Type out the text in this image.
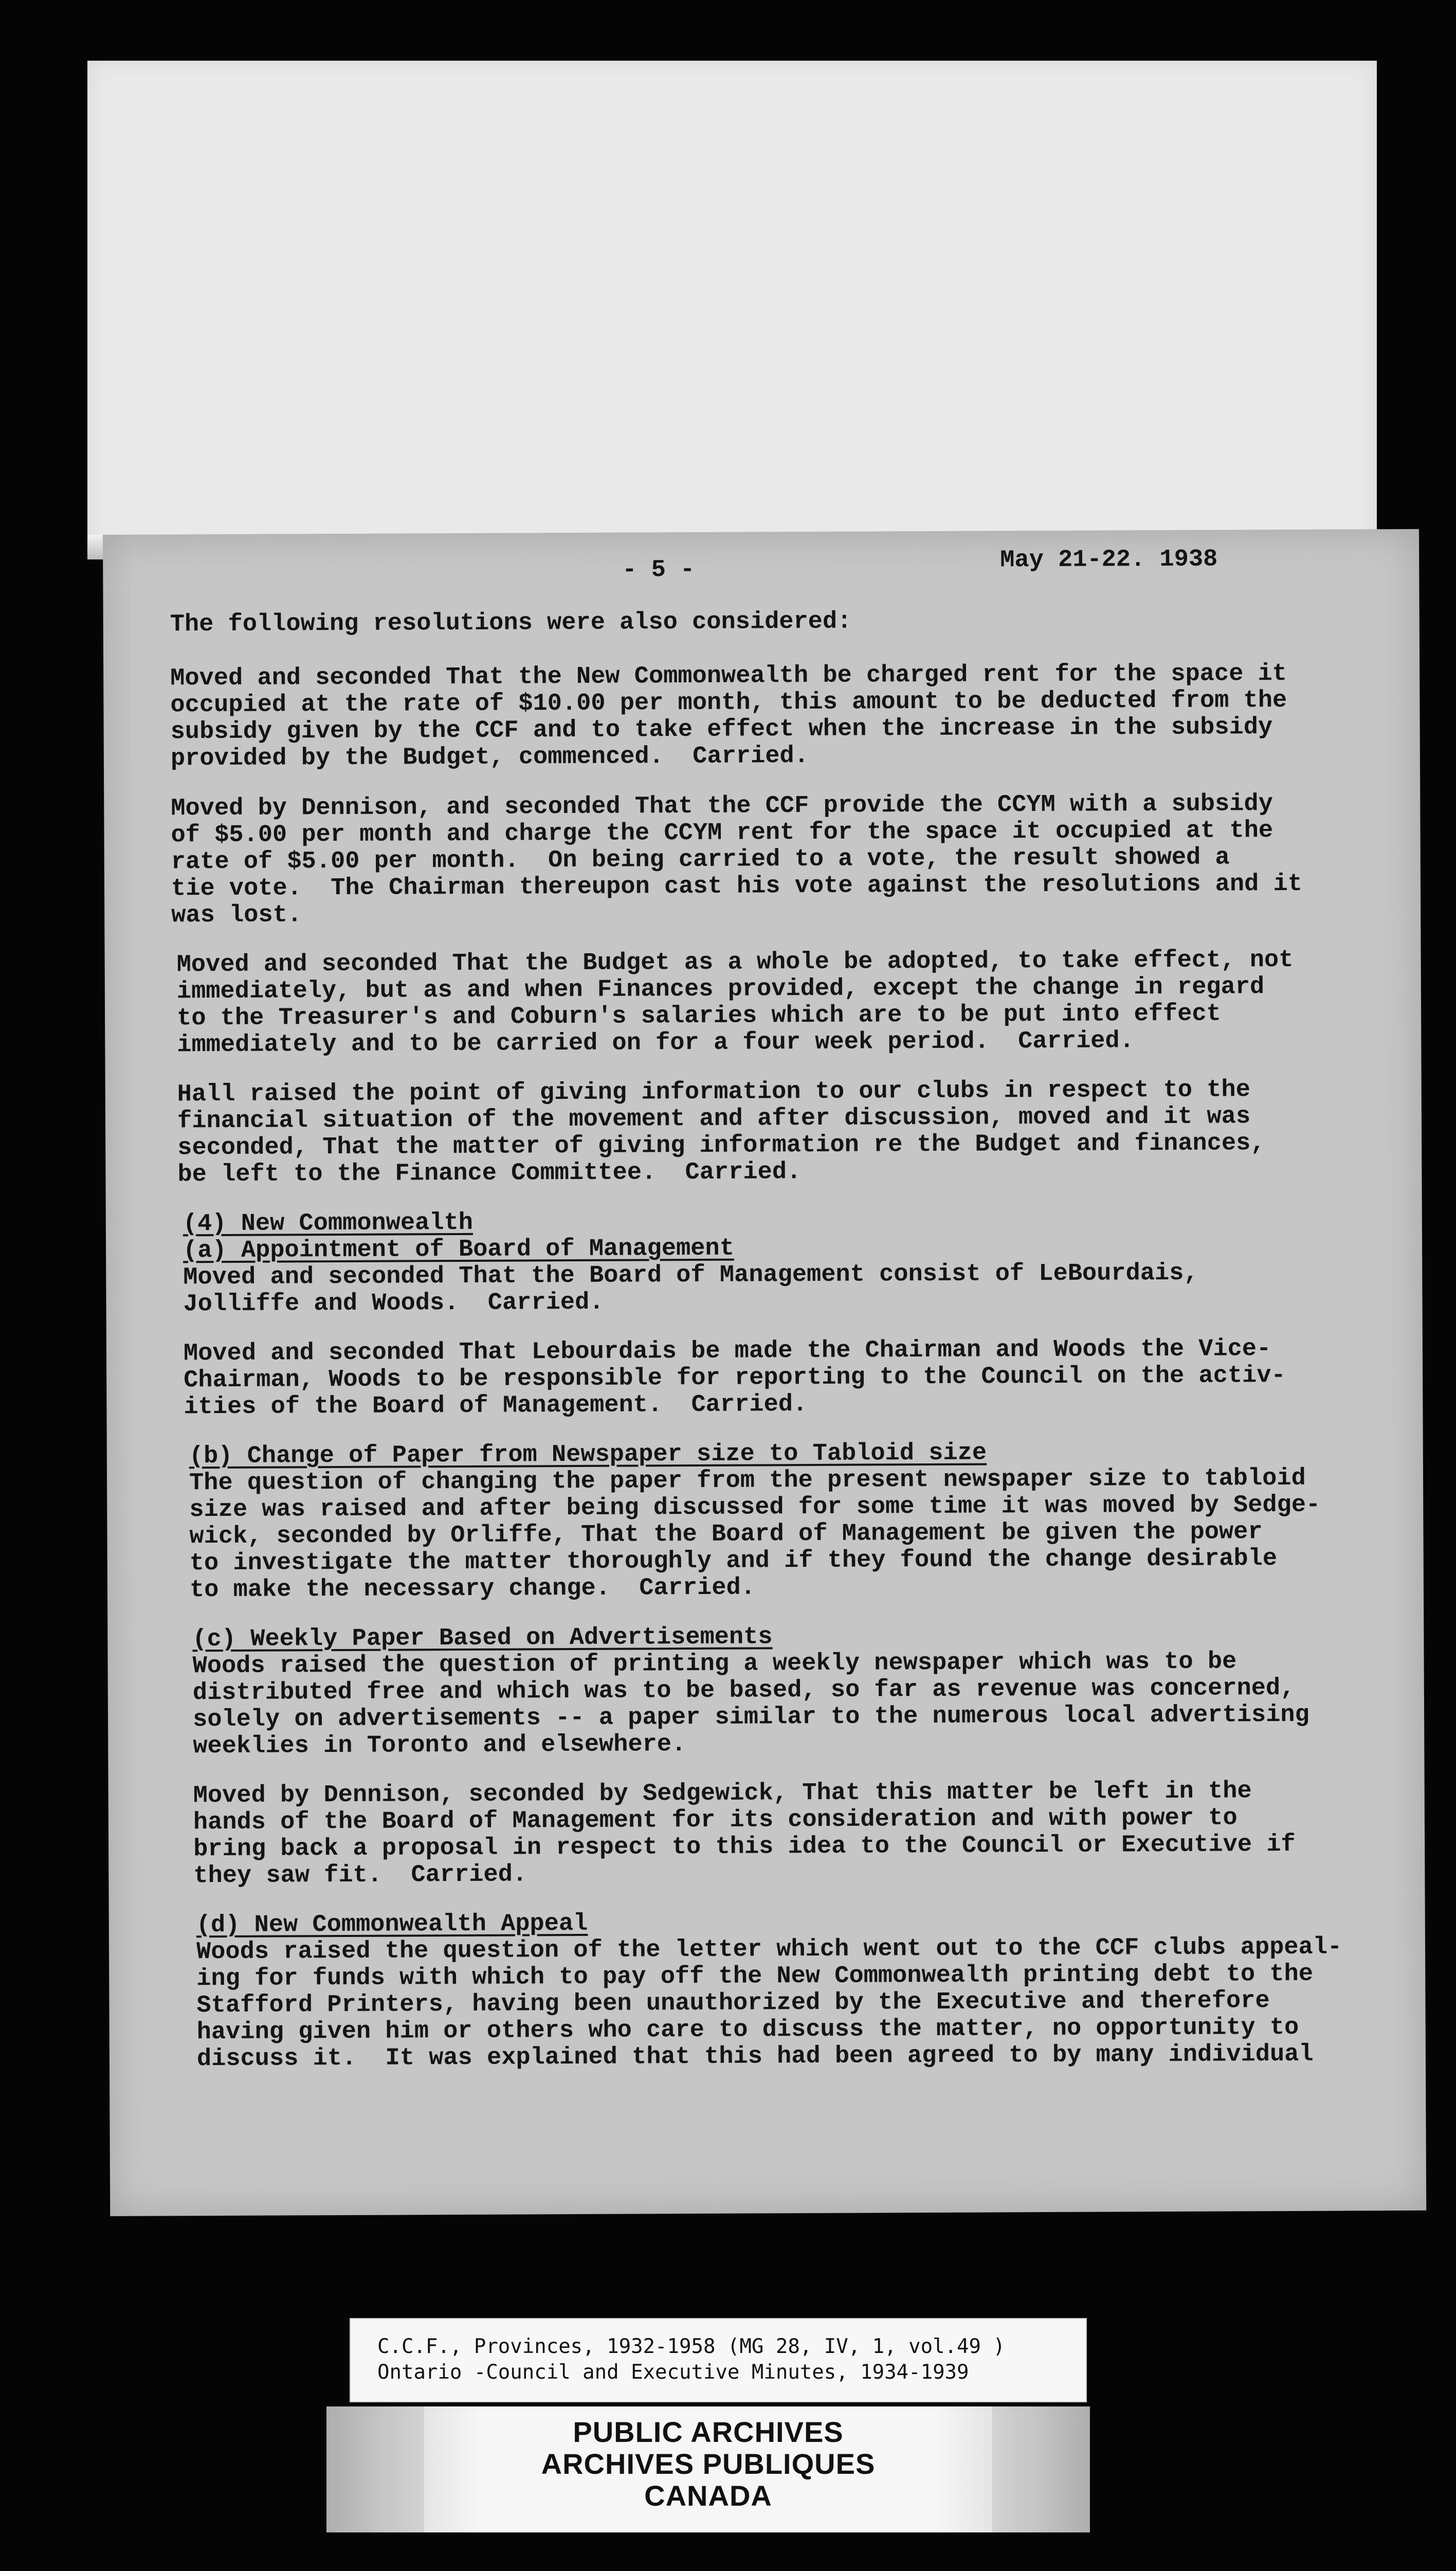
- 5 -	May 21-22. 1938
The following resolutions were also considered:
Moved and seconded That the New Commonwealth be charged rent for the space it
occupied at the rate of $10.00 per month, this amount to be deducted from the
subsidy given by the CCF and to take effect when the increase in the subsidy
provided by the Budget, commenced.  Carried.
Moved by Dennison, and seconded That the CCF provide the CCYM with a subsidy
of $5.00 per month and charge the CCYM rent for the space it occupied at the
rate of $5.00 per month.  On being carried to a vote, the result showed a
tie vote.  The Chairman thereupon cast his vote against the resolutions and it
was lost.
Moved and seconded That the Budget as a whole be adopted, to take effect, not
immediately, but as and when Finances provided, except the change in regard
to the Treasurer's and Coburn's salaries which are to be put into effect
immediately and to be carried on for a four week period.  Carried.
Hall raised the point of giving information to our clubs in respect to the
financial situation of the movement and after discussion, moved and it was
seconded, That the matter of giving information re the Budget and finances,
be left to the Finance Committee.  Carried.
(4) New Commonwealth
(a) Appointment of Board of Management
Moved and seconded That the Board of Management consist of LeBourdais,
Jolliffe and Woods.  Carried.
Moved and seconded That Lebourdais be made the Chairman and Woods the Vice-
Chairman, Woods to be responsible for reporting to the Council on the activ-
ities of the Board of Management.  Carried.
(b) Change of Paper from Newspaper size to Tabloid size
The question of changing the paper from the present newspaper size to tabloid
size was raised and after being discussed for some time it was moved by Sedge-
wick, seconded by Orliffe, That the Board of Management be given the power
to investigate the matter thoroughly and if they found the change desirable
to make the necessary change.  Carried.
(c) Weekly Paper Based on Advertisements
Woods raised the question of printing a weekly newspaper which was to be
distributed free and which was to be based, so far as revenue was concerned,
solely on advertisements -- a paper similar to the numerous local advertising
weeklies in Toronto and elsewhere.
Moved by Dennison, seconded by Sedgewick, That this matter be left in the
hands of the Board of Management for its consideration and with power to
bring back a proposal in respect to this idea to the Council or Executive if
they saw fit.  Carried.
(d) New Commonwealth Appeal
Woods raised the question of the letter which went out to the CCF clubs appeal-
ing for funds with which to pay off the New Commonwealth printing debt to the
Stafford Printers, having been unauthorized by the Executive and therefore
having given him or others who care to discuss the matter, no opportunity to
discuss it.  It was explained that this had been agreed to by many individual
C.C.F., Provinces, 1932-1958 (MG 28, IV, 1, vol.49 )
Ontario -Council and Executive Minutes, 1934-1939
PUBLIC ARCHIVES
ARCHIVES PUBLIQUES
CANADA
